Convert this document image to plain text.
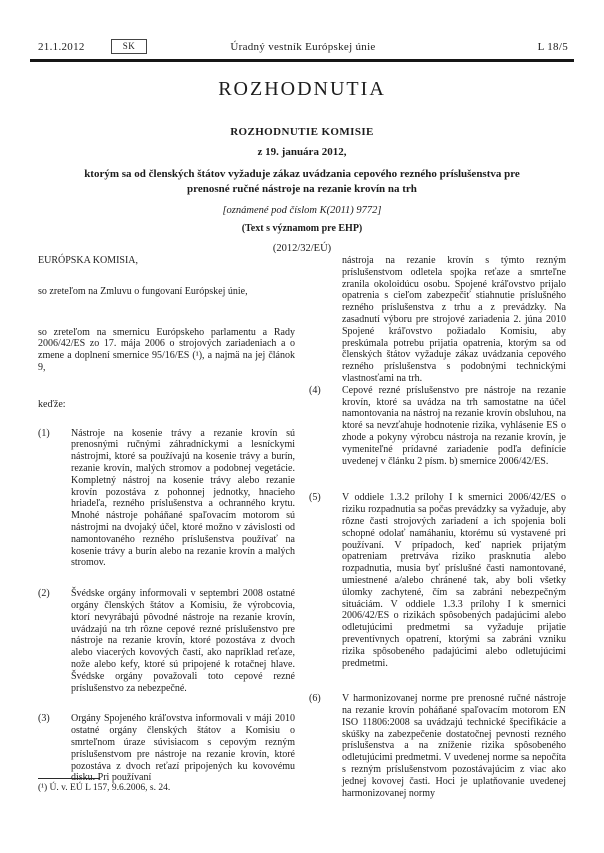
21.1.2012	SK	Úradný vestník Európskej únie	L 18/5
ROZHODNUTIA
ROZHODNUTIE KOMISIE
z 19. januára 2012,
ktorým sa od členských štátov vyžaduje zákaz uvádzania cepového rezného príslušenstva pre prenosné ručné nástroje na rezanie krovín na trh
[oznámené pod číslom K(2011) 9772]
(Text s významom pre EHP)
(2012/32/EÚ)

EURÓPSKA KOMISIA,

so zreteľom na Zmluvu o fungovaní Európskej únie,

so zreteľom na smernicu Európskeho parlamentu a Rady 2006/42/ES zo 17. mája 2006 o strojových zariadeniach a o zmene a doplnení smernice 95/16/ES (¹), a najmä na jej článok 9,

keďže:

(1)	Nástroje na kosenie trávy a rezanie krovín sú prenosnými ručnými záhradníckymi a lesníckymi nástrojmi, ktoré sa používajú na kosenie trávy a burín, rezanie krovín, malých stromov a podobnej vegetácie. Kompletný nástroj na kosenie trávy alebo rezanie krovín pozostáva z pohonnej jednotky, hnacieho hriadeľa, rezného príslušenstva a ochranného krytu. Mnohé nástroje poháňané spaľovacím motorom sú nástrojmi na dvojaký účel, ktoré možno v závislosti od namontovaného rezného príslušenstva používať na kosenie trávy a burín alebo na rezanie krovín a malých stromov.

(2)	Švédske orgány informovali v septembri 2008 ostatné orgány členských štátov a Komisiu, že výrobcovia, ktorí nevyrábajú pôvodné nástroje na rezanie krovín, uvádzajú na trh rôzne cepové rezné príslušenstvo pre nástroje na rezanie krovín, ktoré pozostáva z dvoch alebo viacerých kovových častí, ako napríklad reťaze, nože alebo kefy, ktoré sú pripojené k rotačnej hlave. Švédske orgány považovali toto cepové rezné príslušenstvo za nebezpečné.

(3)	Orgány Spojeného kráľovstva informovali v máji 2010 ostatné orgány členských štátov a Komisiu o smrteľnom úraze súvisiacom s cepovým rezným príslušenstvom pre nástroje na rezanie krovín, ktoré pozostáva z dvoch reťazí pripojených ku kovovému disku. Pri používaní

nástroja na rezanie krovín s týmto rezným príslušenstvom odletela spojka reťaze a smrteľne zranila okoloidúcu osobu. Spojené kráľovstvo prijalo opatrenia s cieľom zabezpečiť stiahnutie príslušného rezného príslušenstva z trhu a z prevádzky. Na zasadnutí výboru pre strojové zariadenia 2. júna 2010 Spojené kráľovstvo požiadalo Komisiu, aby preskúmala potrebu prijatia opatrenia, ktorým sa od členských štátov vyžaduje zákaz uvádzania cepového rezného príslušenstva s podobnými technickými vlastnosťami na trh.

(4)	Cepové rezné príslušenstvo pre nástroje na rezanie krovín, ktoré sa uvádza na trh samostatne na účel namontovania na nástroj na rezanie krovín obsluhou, na ktoré sa nevzťahuje hodnotenie rizika, vyhlásenie ES o zhode a pokyny výrobcu nástroja na rezanie krovín, je vymeniteľné prídavné zariadenie podľa definície uvedenej v článku 2 písm. b) smernice 2006/42/ES.

(5)	V oddiele 1.3.2 prílohy I k smernici 2006/42/ES o riziku rozpadnutia sa počas prevádzky sa vyžaduje, aby rôzne časti strojových zariadení a ich spojenia boli schopné odolať namáhaniu, ktorému sú vystavené pri používaní. V prípadoch, keď napriek prijatým opatreniam pretrváva riziko prasknutia alebo rozpadnutia, musia byť príslušné časti namontované, umiestnené a/alebo chránené tak, aby boli všetky úlomky zachytené, čím sa zabráni nebezpečným situáciám. V oddiele 1.3.3 prílohy I k smernici 2006/42/ES o rizikách spôsobených padajúcimi alebo odletujúcimi predmetmi sa vyžaduje prijatie preventívnych opatrení, ktorými sa zabráni vzniku rizika spôsobeného padajúcimi alebo odletujúcimi predmetmi.

(6)	V harmonizovanej norme pre prenosné ručné nástroje na rezanie krovín poháňané spaľovacím motorom EN ISO 11806:2008 sa uvádzajú technické špecifikácie a skúšky na zabezpečenie dostatočnej pevnosti rezného príslušenstva a na zníženie rizika spôsobeného odletujúcimi predmetmi. V uvedenej norme sa nepočíta s rezným príslušenstvom pozostávajúcim z viac ako jednej kovovej časti. Hoci je uplatňovanie uvedenej harmonizovanej normy

(¹) Ú. v. EÚ L 157, 9.6.2006, s. 24.
